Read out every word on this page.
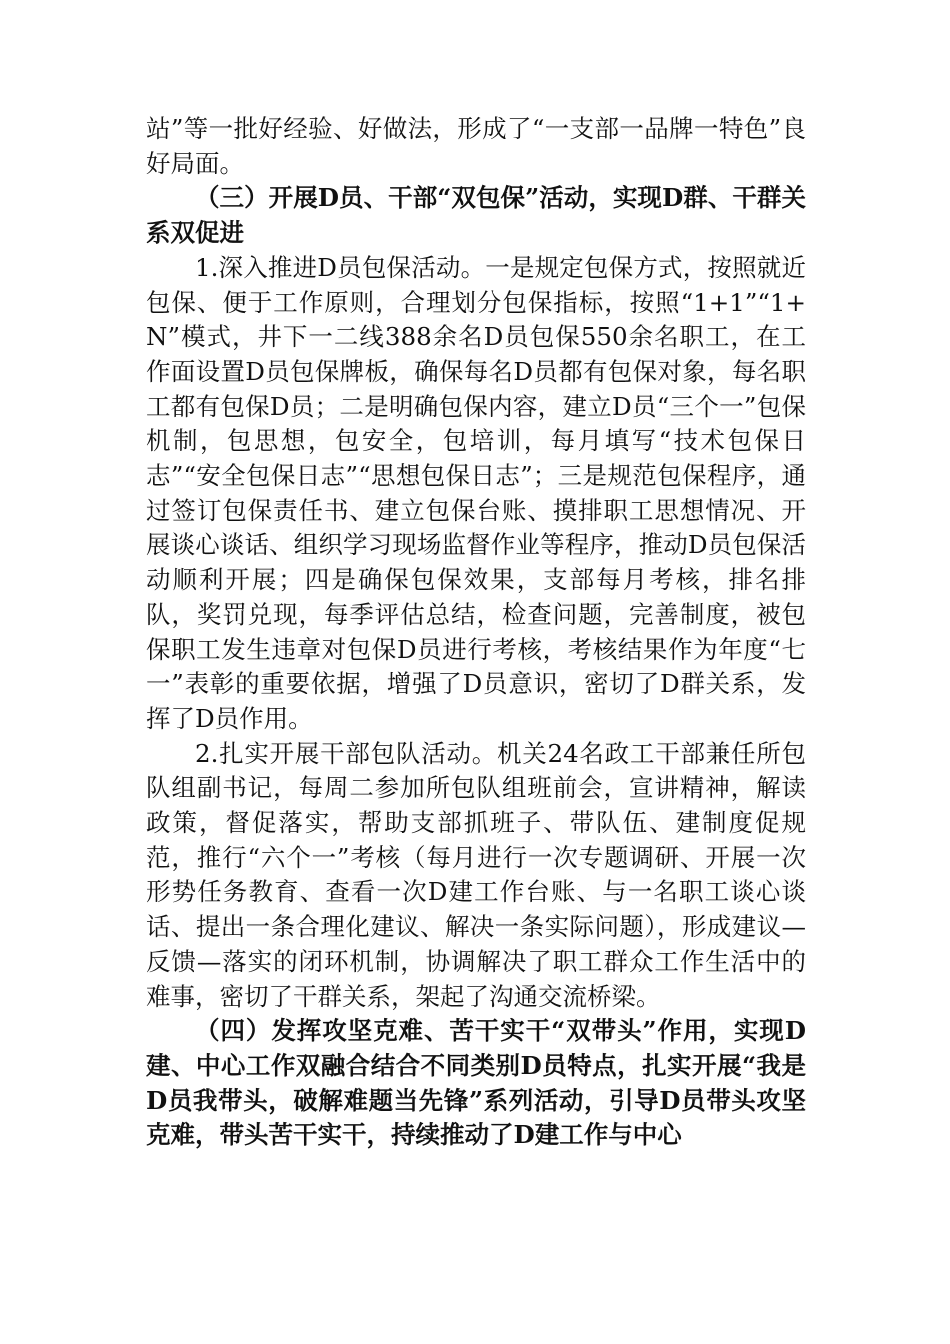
站”等一批好经验、好做法，形成了“一支部一品牌一特色”良好局面。

（三）开展D员、干部“双包保”活动，实现D群、干群关系双促进

1.深入推进D员包保活动。一是规定包保方式，按照就近包保、便于工作原则，合理划分包保指标，按照“1+1”“1+N”模式，井下一二线388余名D员包保550余名职工，在工作面设置D员包保牌板，确保每名D员都有包保对象，每名职工都有包保D员；二是明确包保内容，建立D员“三个一”包保机制，包思想，包安全，包培训，每月填写“技术包保日志”“安全包保日志”“思想包保日志”；三是规范包保程序，通过签订包保责任书、建立包保台账、摸排职工思想情况、开展谈心谈话、组织学习现场监督作业等程序，推动D员包保活动顺利开展；四是确保包保效果，支部每月考核，排名排队，奖罚兑现，每季评估总结，检查问题，完善制度，被包保职工发生违章对包保D员进行考核，考核结果作为年度“七一”表彰的重要依据，增强了D员意识，密切了D群关系，发挥了D员作用。

2.扎实开展干部包队活动。机关24名政工干部兼任所包队组副书记，每周二参加所包队组班前会，宣讲精神，解读政策，督促落实，帮助支部抓班子、带队伍、建制度促规范，推行“六个一”考核（每月进行一次专题调研、开展一次形势任务教育、查看一次D建工作台账、与一名职工谈心谈话、提出一条合理化建议、解决一条实际问题），形成建议—反馈—落实的闭环机制，协调解决了职工群众工作生活中的难事，密切了干群关系，架起了沟通交流桥梁。

（四）发挥攻坚克难、苦干实干“双带头”作用，实现D建、中心工作双融合结合不同类别D员特点，扎实开展“我是D员我带头，破解难题当先锋”系列活动，引导D员带头攻坚克难，带头苦干实干，持续推动了D建工作与中心
